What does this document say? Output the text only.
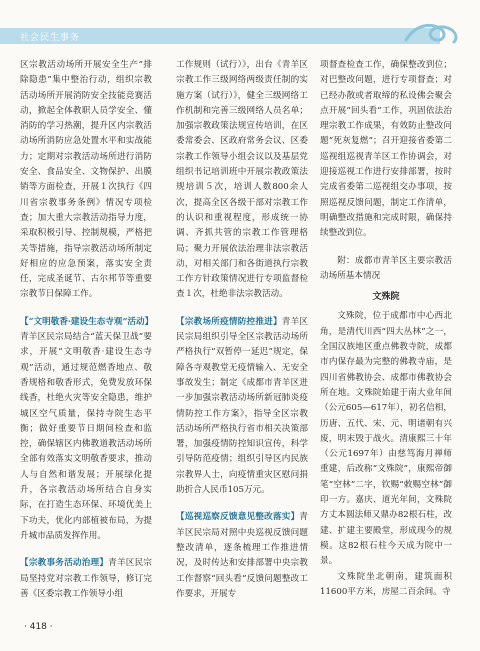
社会民生事务

区宗教活动场所开展安全生产“排除隐患”集中整治行动，组织宗教活动场所开展消防安全技能竞赛活动，掀起全体教职人员学安全、懂消防的学习热潮，提升区内宗教活动场所消防应急处置水平和实战能力；定期对宗教活动场所进行消防安全、食品安全、文物保护、出膜销等方面检查，开展１次执行《四川省宗教事务条例》情况专项检查；加大重大宗教活动指导力度，采取积极引导、控制规模，严格把关等措施，指导宗教活动场所制定好相应的应急预案，落实安全责任，完成圣诞节、古尔邦节等重要宗教节日保障工作。

【“文明敬香·建设生态寺观”活动】青羊区民宗局结合“蓝天保卫战”要求，开展“文明敬香·建设生态寺观”活动，通过规范燃香地点、敬香规格和敬香形式，免费发放环保线香，杜绝火灾等安全隐患，维护城区空气质量，保持寺院生态平衡；做好重要节日期间检查和监控，确保辖区内佛教道教活动场所全部有效落实文明敬香要求，推动人与自然和谐发展；开展绿化提升，各宗教活动场所结合自身实际，在打造生态环保、环境优美上下功夫，优化内部植被布局，为提升城市品质发挥作用。

【宗教事务活动治理】青羊区民宗局坚持党对宗教工作领导，修订完善《区委宗教工作领导小组

工作规则（试行）》，出台《青羊区宗教工作三级网络两级责任制的实施方案（试行）》，健全三级网络工作机制和完善三级网络人员名单；加强宗教政策法规宣传培训，在区委常委会、区政府常务会议、区委宗教工作领导小组会议以及基层党组织书记培训班中开展宗教政策法规培训５次，培训人数800余人次，提高全区各级干部对宗教工作的认识和重视程度，形成统一协调、齐抓共管的宗教工作管理格局；聚力开展依法治理非法宗教活动，对相关部门和各街道执行宗教工作方针政策情况进行专项监督检查１次，杜绝非法宗教活动。

【宗教场所疫情防控推进】青羊区民宗局组织引导全区宗教活动场所严格执行“双暂停一延迟”规定，保障各寺观教堂无疫情输入、无安全事故发生；制定《成都市青羊区进一步加强宗教活动场所新冠肺炎疫情防控工作方案》，指导全区宗教活动场所严格执行省市相关决策部署，加强疫情防控知识宣传，科学引导防范疫情；组织引导区内民族宗教界人士，向疫情重灾区慰问捐助折合人民币105万元。

【巡视巡察反馈意见整改落实】青羊区民宗局对照中央巡视反馈问题整改清单，逐条梳理工作推进情况，及时传达和安排部署中央宗教工作督察“回头看”反馈问题整改工作要求，开展专

项督查检查工作，确保整改到位；对巴整改问题，进行专项督查；对已经办散或者取缔的私设佛会聚会点开展“回头看”工作，巩固依法治理宗教工作成果，有效防止整改问题“死灰复燃”；召开迎接省委第二巡视组巡视青羊区工作协调会，对迎接巡视工作进行安排部署，按时完成省委第二巡视组交办事项，按照巡视反馈问题，制定工作清单，明确整改措施和完成时限，确保持续整改到位。

附：成都市青羊区主要宗教活动场所基本情况

文殊院

文殊院，位于成都市中心西北角，是清代川西“四大丛林”之一，全国汉族地区重点佛教寺院，成都市内保存最为完整的佛教寺庙，是四川省佛教协会、成都市佛教协会所在地。文殊院始建于南大业年间（公元605—617年），初名信相，历唐、五代、宋、元、明诸朝有兴废，明末毁于战火。清康熙三十年（公元1697年）由慈笃海月禅师重建，后改称“文殊院”，康熙帝御笔“空林”二字，钦赐“敕赐空林”御印一方。嘉庆、道光年间，文殊院方丈本圆法师又鼎办82根石柱，改建、扩建主要殿堂，形成现今的规模。这82根石柱今天成为院中一景。

文殊院坐北朝南，建筑面积11600平方米，房屋二百余间。寺

· 418 ·
